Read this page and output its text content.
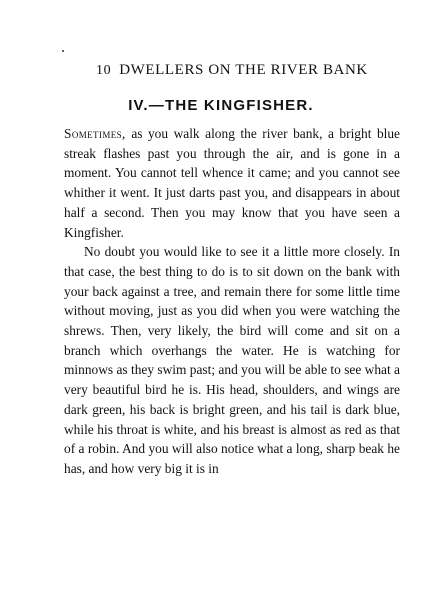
10 DWELLERS ON THE RIVER BANK
IV.—THE KINGFISHER.

Sometimes, as you walk along the river bank, a bright blue streak flashes past you through the air, and is gone in a moment. You cannot tell whence it came; and you cannot see whither it went. It just darts past you, and disappears in about half a second. Then you may know that you have seen a Kingfisher.

No doubt you would like to see it a little more closely. In that case, the best thing to do is to sit down on the bank with your back against a tree, and remain there for some little time without moving, just as you did when you were watching the shrews. Then, very likely, the bird will come and sit on a branch which overhangs the water. He is watching for minnows as they swim past; and you will be able to see what a very beautiful bird he is. His head, shoulders, and wings are dark green, his back is bright green, and his tail is dark blue, while his throat is white, and his breast is almost as red as that of a robin. And you will also notice what a long, sharp beak he has, and how very big it is in
